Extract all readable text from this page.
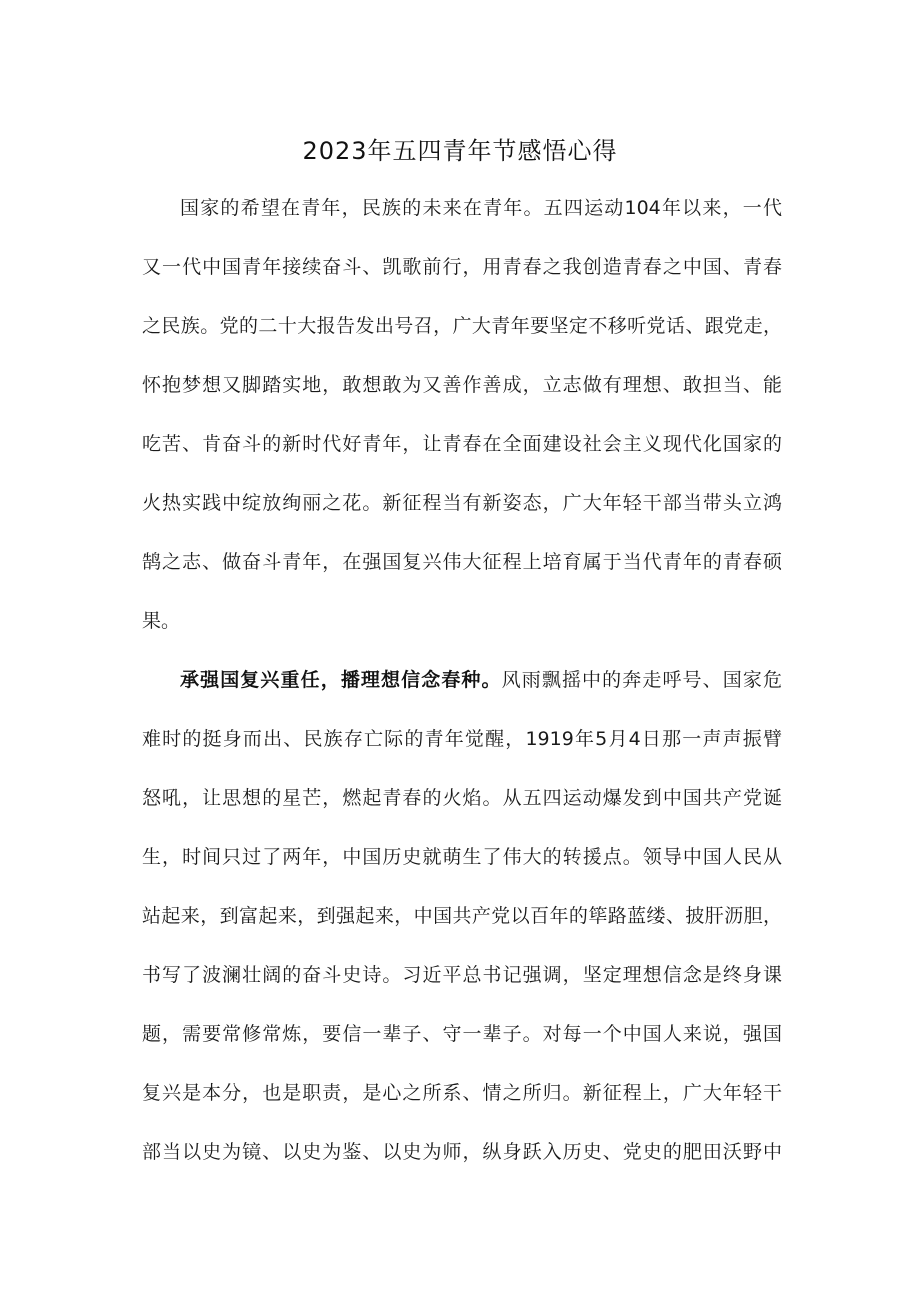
2023年五四青年节感悟心得
国家的希望在青年，民族的未来在青年。五四运动104年以来，一代
又一代中国青年接续奋斗、凯歌前行，用青春之我创造青春之中国、青春
之民族。党的二十大报告发出号召，广大青年要坚定不移听党话、跟党走，
怀抱梦想又脚踏实地，敢想敢为又善作善成，立志做有理想、敢担当、能
吃苦、肯奋斗的新时代好青年，让青春在全面建设社会主义现代化国家的
火热实践中绽放绚丽之花。新征程当有新姿态，广大年轻干部当带头立鸿
鹄之志、做奋斗青年，在强国复兴伟大征程上培育属于当代青年的青春硕
果。
承强国复兴重任，播理想信念春种。风雨飘摇中的奔走呼号、国家危
难时的挺身而出、民族存亡际的青年觉醒，1919年5月4日那一声声振臂
怒吼，让思想的星芒，燃起青春的火焰。从五四运动爆发到中国共产党诞
生，时间只过了两年，中国历史就萌生了伟大的转援点。领导中国人民从
站起来，到富起来，到强起来，中国共产党以百年的筚路蓝缕、披肝沥胆，
书写了波澜壮阔的奋斗史诗。习近平总书记强调，坚定理想信念是终身课
题，需要常修常炼，要信一辈子、守一辈子。对每一个中国人来说，强国
复兴是本分，也是职责，是心之所系、情之所归。新征程上，广大年轻干
部当以史为镜、以史为鉴、以史为师，纵身跃入历史、党史的肥田沃野中
